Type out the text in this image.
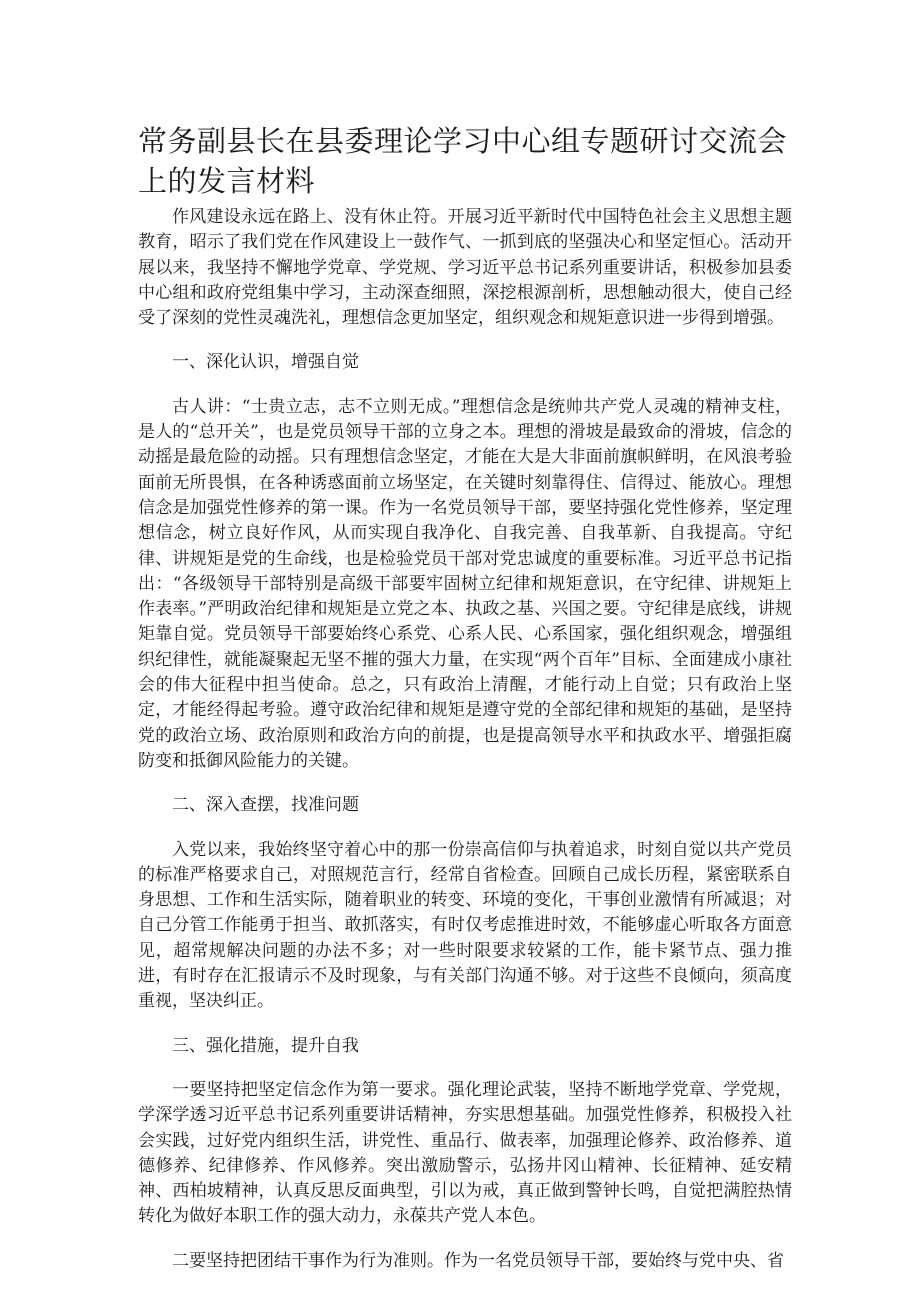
常务副县长在县委理论学习中心组专题研讨交流会上的发言材料

作风建设永远在路上、没有休止符。开展习近平新时代中国特色社会主义思想主题教育，昭示了我们党在作风建设上一鼓作气、一抓到底的坚强决心和坚定恒心。活动开展以来，我坚持不懈地学党章、学党规、学习近平总书记系列重要讲话，积极参加县委中心组和政府党组集中学习，主动深查细照，深挖根源剖析，思想触动很大，使自己经受了深刻的党性灵魂洗礼，理想信念更加坚定，组织观念和规矩意识进一步得到增强。

一、深化认识，增强自觉

古人讲：“士贵立志，志不立则无成。”理想信念是统帅共产党人灵魂的精神支柱，是人的“总开关”，也是党员领导干部的立身之本。理想的滑坡是最致命的滑坡，信念的动摇是最危险的动摇。只有理想信念坚定，才能在大是大非面前旗帜鲜明，在风浪考验面前无所畏惧，在各种诱惑面前立场坚定，在关键时刻靠得住、信得过、能放心。理想信念是加强党性修养的第一课。作为一名党员领导干部，要坚持强化党性修养，坚定理想信念，树立良好作风，从而实现自我净化、自我完善、自我革新、自我提高。守纪律、讲规矩是党的生命线，也是检验党员干部对党忠诚度的重要标准。习近平总书记指出：“各级领导干部特别是高级干部要牢固树立纪律和规矩意识，在守纪律、讲规矩上作表率。”严明政治纪律和规矩是立党之本、执政之基、兴国之要。守纪律是底线，讲规矩靠自觉。党员领导干部要始终心系党、心系人民、心系国家，强化组织观念，增强组织纪律性，就能凝聚起无坚不摧的强大力量，在实现“两个百年”目标、全面建成小康社会的伟大征程中担当使命。总之，只有政治上清醒，才能行动上自觉；只有政治上坚定，才能经得起考验。遵守政治纪律和规矩是遵守党的全部纪律和规矩的基础，是坚持党的政治立场、政治原则和政治方向的前提，也是提高领导水平和执政水平、增强拒腐防变和抵御风险能力的关键。

二、深入查摆，找准问题

入党以来，我始终坚守着心中的那一份崇高信仰与执着追求，时刻自觉以共产党员的标准严格要求自己，对照规范言行，经常自省检查。回顾自己成长历程，紧密联系自身思想、工作和生活实际，随着职业的转变、环境的变化，干事创业激情有所减退；对自己分管工作能勇于担当、敢抓落实，有时仅考虑推进时效，不能够虚心听取各方面意见，超常规解决问题的办法不多；对一些时限要求较紧的工作，能卡紧节点、强力推进，有时存在汇报请示不及时现象，与有关部门沟通不够。对于这些不良倾向，须高度重视，坚决纠正。

三、强化措施，提升自我

一要坚持把坚定信念作为第一要求。强化理论武装，坚持不断地学党章、学党规，学深学透习近平总书记系列重要讲话精神，夯实思想基础。加强党性修养，积极投入社会实践，过好党内组织生活，讲党性、重品行、做表率，加强理论修养、政治修养、道德修养、纪律修养、作风修养。突出激励警示，弘扬井冈山精神、长征精神、延安精神、西柏坡精神，认真反思反面典型，引以为戒，真正做到警钟长鸣，自觉把满腔热情转化为做好本职工作的强大动力，永葆共产党人本色。

二要坚持把团结干事作为行为准则。作为一名党员领导干部，要始终与党中央、省
